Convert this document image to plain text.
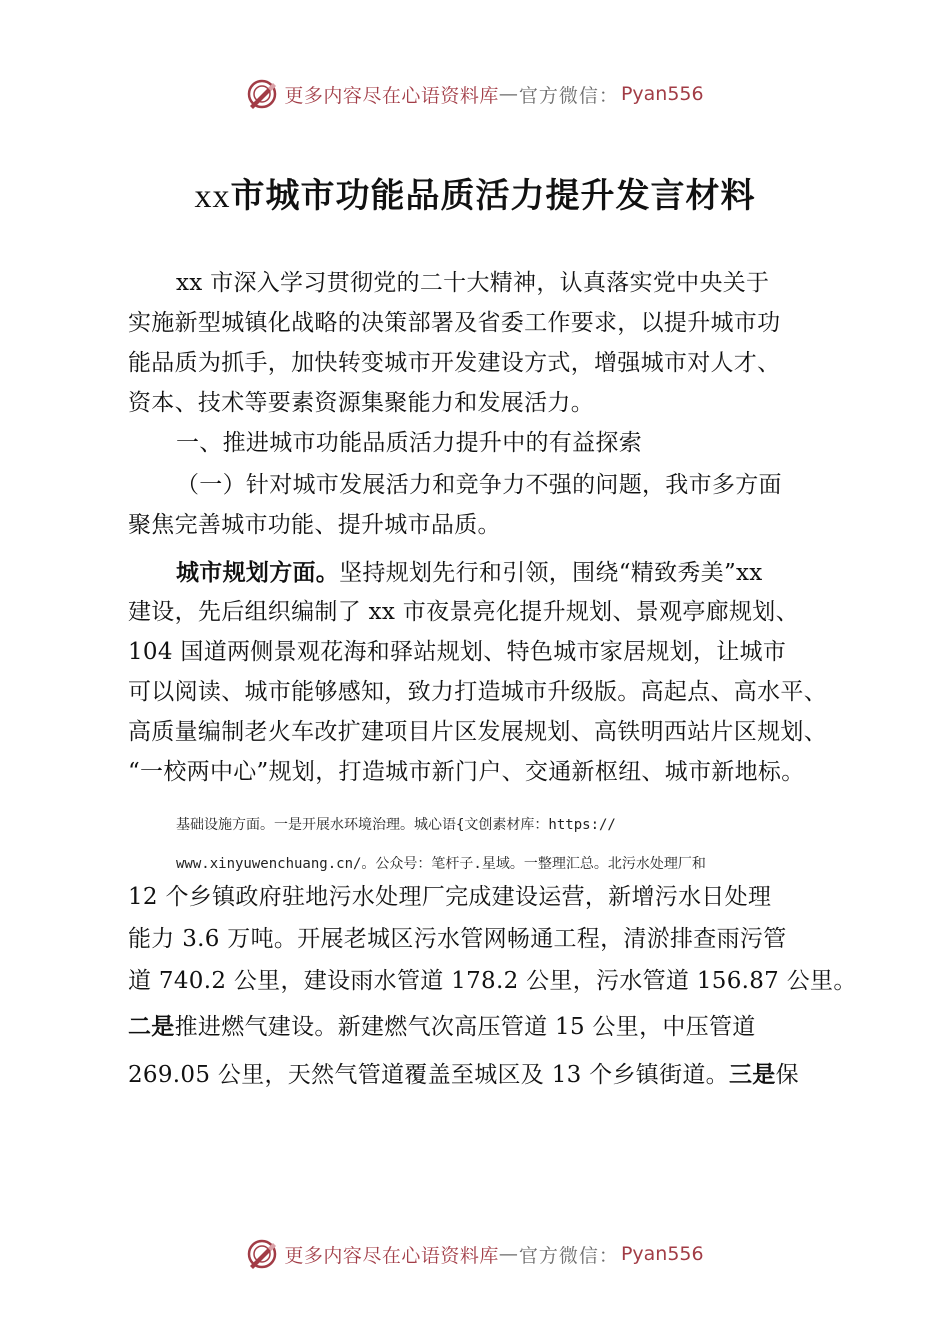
更多内容尽在心语资料库 — 官方微信： Pyan556
xx市城市功能品质活力提升发言材料
xx 市深入学习贯彻党的二十大精神，认真落实党中央关于
实施新型城镇化战略的决策部署及省委工作要求，以提升城市功
能品质为抓手，加快转变城市开发建设方式，增强城市对人才、
资本、技术等要素资源集聚能力和发展活力。
一、推进城市功能品质活力提升中的有益探索
（一）针对城市发展活力和竞争力不强的问题，我市多方面
聚焦完善城市功能、提升城市品质。
城市规划方面。坚持规划先行和引领，围绕“精致秀美”xx
建设，先后组织编制了 xx 市夜景亮化提升规划、景观亭廊规划、
104 国道两侧景观花海和驿站规划、特色城市家居规划，让城市
可以阅读、城市能够感知，致力打造城市升级版。高起点、高水平、
高质量编制老火车改扩建项目片区发展规划、高铁明西站片区规划、
“一校两中心”规划，打造城市新门户、交通新枢纽、城市新地标。
基础设施方面。一是开展水环境治理。城心语{文创素材库：https://
www.xinyuwenchuang.cn/。公众号：笔杆子.星域。一整理汇总。北污水处理厂和
12 个乡镇政府驻地污水处理厂完成建设运营，新增污水日处理
能力 3.6 万吨。开展老城区污水管网畅通工程，清淤排查雨污管
道 740.2 公里，建设雨水管道 178.2 公里，污水管道 156.87 公里。
二是推进燃气建设。新建燃气次高压管道 15 公里，中压管道
269.05 公里，天然气管道覆盖至城区及 13 个乡镇街道。三是保
更多内容尽在心语资料库 — 官方微信： Pyan556
